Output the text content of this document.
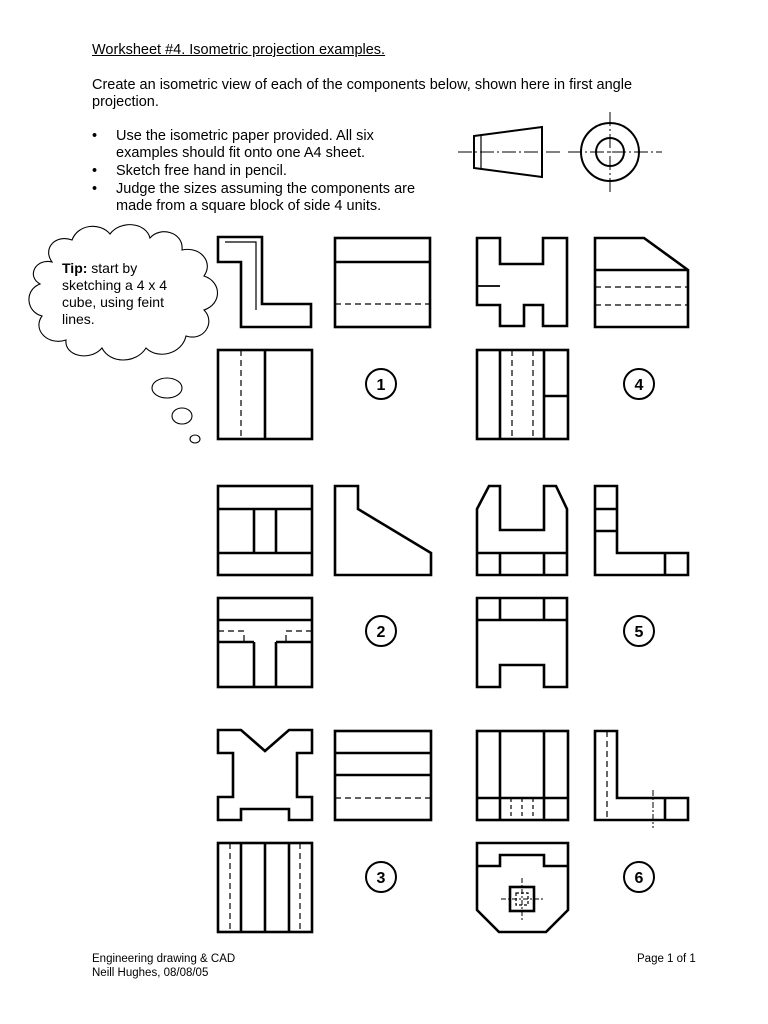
Worksheet #4. Isometric projection examples.

Create an isometric view of each of the components below, shown here in first angle projection.

• Use the isometric paper provided. All six examples should fit onto one A4 sheet.
• Sketch free hand in pencil.
• Judge the sizes assuming the components are made from a square block of side 4 units.
1	4
2	5
3	6
Tip: start by sketching a 4 x 4 cube, using feint lines.
Engineering drawing & CAD
Neill Hughes, 08/08/05
Page 1 of 1
